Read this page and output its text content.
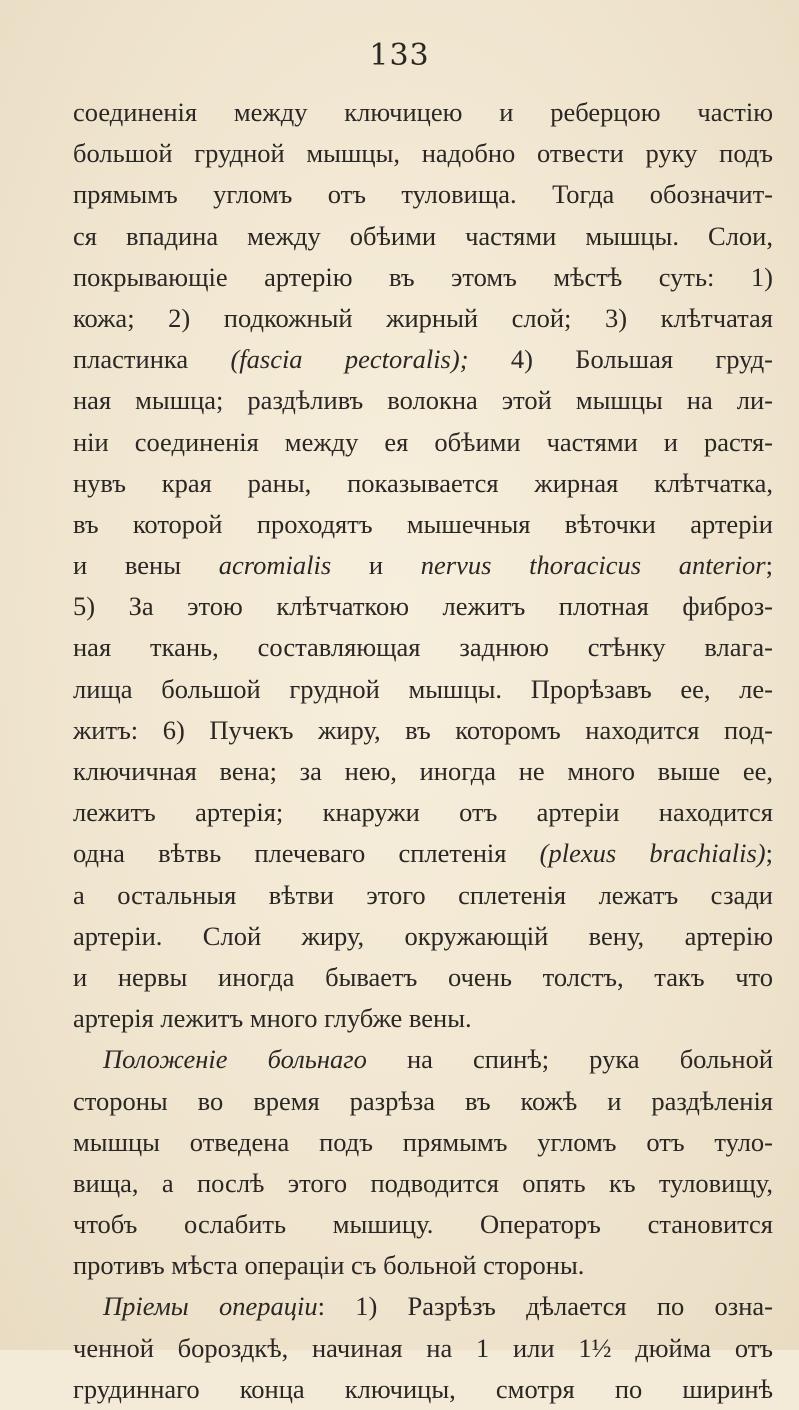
133
соединенія между ключицею и реберцою частію
большой грудной мышцы, надобно отвести руку подъ
прямымъ угломъ отъ туловища. Тогда обозначит-
ся впадина между обѣими частями мышцы. Слои,
покрывающіе артерію въ этомъ мѣстѣ суть: 1)
кожа; 2) подкожный жирный слой; 3) клѣтчатая
пластинка (fascia pectoralis); 4) Большая груд-
ная мышца; раздѣливъ волокна этой мышцы на ли-
ніи соединенія между ея обѣими частями и растя-
нувъ края раны, показывается жирная клѣтчатка,
въ которой проходятъ мышечныя вѣточки артеріи
и вены acromialis и nervus thoracicus anterior;
5) За этою клѣтчаткою лежитъ плотная фиброз-
ная ткань, составляющая заднюю стѣнку влага-
лища большой грудной мышцы. Прорѣзавъ ее, ле-
житъ: 6) Пучекъ жиру, въ которомъ находится под-
ключичная вена; за нею, иногда не много выше ее,
лежитъ артерія; кнаружи отъ артеріи находится
одна вѣтвь плечеваго сплетенія (plexus brachialis);
а остальныя вѣтви этого сплетенія лежатъ сзади
артеріи. Слой жиру, окружающій вену, артерію
и нервы иногда бываетъ очень толстъ, такъ что
артерія лежитъ много глубже вены.
Положеніе больнаго на спинѣ; рука больной
стороны во время разрѣза въ кожѣ и раздѣленія
мышцы отведена подъ прямымъ угломъ отъ туло-
вища, а послѣ этого подводится опять къ туловищу,
чтобъ ослабить мышицу. Операторъ становится
противъ мѣста операціи съ больной стороны.
Пріемы операціи: 1) Разрѣзъ дѣлается по озна-
ченной бороздкѣ, начиная на 1 или 1½ дюйма отъ
грудиннаго конца ключицы, смотря по ширинѣ
